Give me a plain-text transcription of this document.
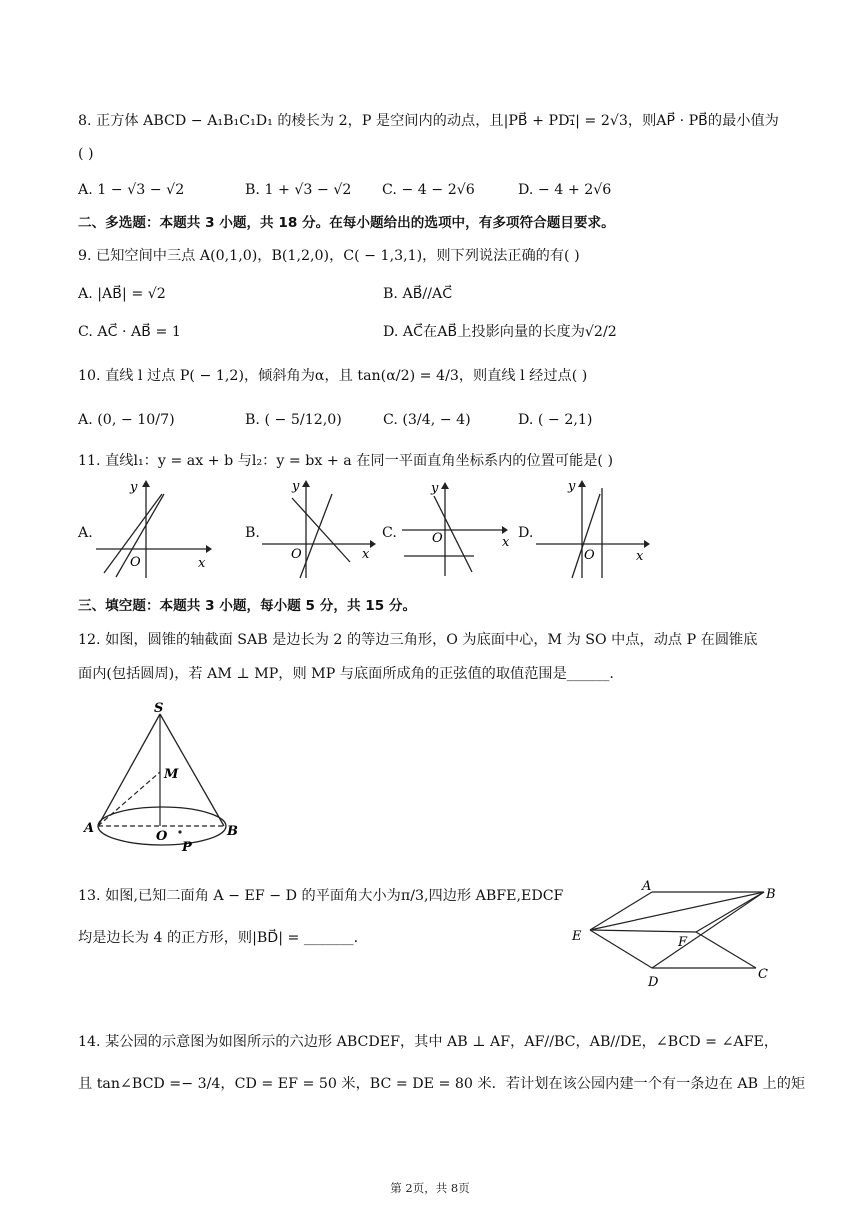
8. 正方体 ABCD − A₁B₁C₁D₁ 的棱长为 2，P 是空间内的动点，且|PB⃗ + PD₁⃗| = 2√3，则AP⃗ · PB⃗的最小值为
( )
A. 1 − √3 − √2	B. 1 + √3 − √2 C. − 4 − 2√6	D. − 4 + 2√6
二、多选题：本题共 3 小题，共 18 分。在每小题给出的选项中，有多项符合题目要求。
9. 已知空间中三点 A(0,1,0)，B(1,2,0)，C( − 1,3,1)，则下列说法正确的有( )
A. |AB⃗| = √2	B. AB⃗//AC⃗
C. AC⃗ · AB⃗ = 1	D. AC⃗在AB⃗上投影向量的长度为√2/2
10. 直线 l 过点 P( − 1,2)，倾斜角为α，且 tan(α/2) = 4/3，则直线 l 经过点( )
A. (0, − 10/7)	B. ( − 5/12,0)	C. (3/4, − 4)	D. ( − 2,1)
11. 直线l₁：y = ax + b 与l₂：y = bx + a 在同一平面直角坐标系内的位置可能是( )
A.	B.	C.	D.
y
x
O
y
x
O
y
x
O
y
x
O
三、填空题：本题共 3 小题，每小题 5 分，共 15 分。
12. 如图，圆锥的轴截面 SAB 是边长为 2 的等边三角形，O 为底面中心，M 为 SO 中点，动点 P 在圆锥底
面内(包括圆周)，若 AM ⊥ MP，则 MP 与底面所成角的正弦值的取值范围是______.
S
M
A
O	B
P
13. 如图,已知二面角 A − EF − D 的平面角大小为π/3,四边形 ABFE,EDCF
均是边长为 4 的正方形，则|BD⃗| = _______.
A
B
E	F
D
C
14. 某公园的示意图为如图所示的六边形 ABCDEF，其中 AB ⊥ AF，AF//BC，AB//DE，∠BCD = ∠AFE，
且 tan∠BCD =− 3/4，CD = EF = 50 米，BC = DE = 80 米．若计划在该公园内建一个有一条边在 AB 上的矩
第 2页，共 8页
